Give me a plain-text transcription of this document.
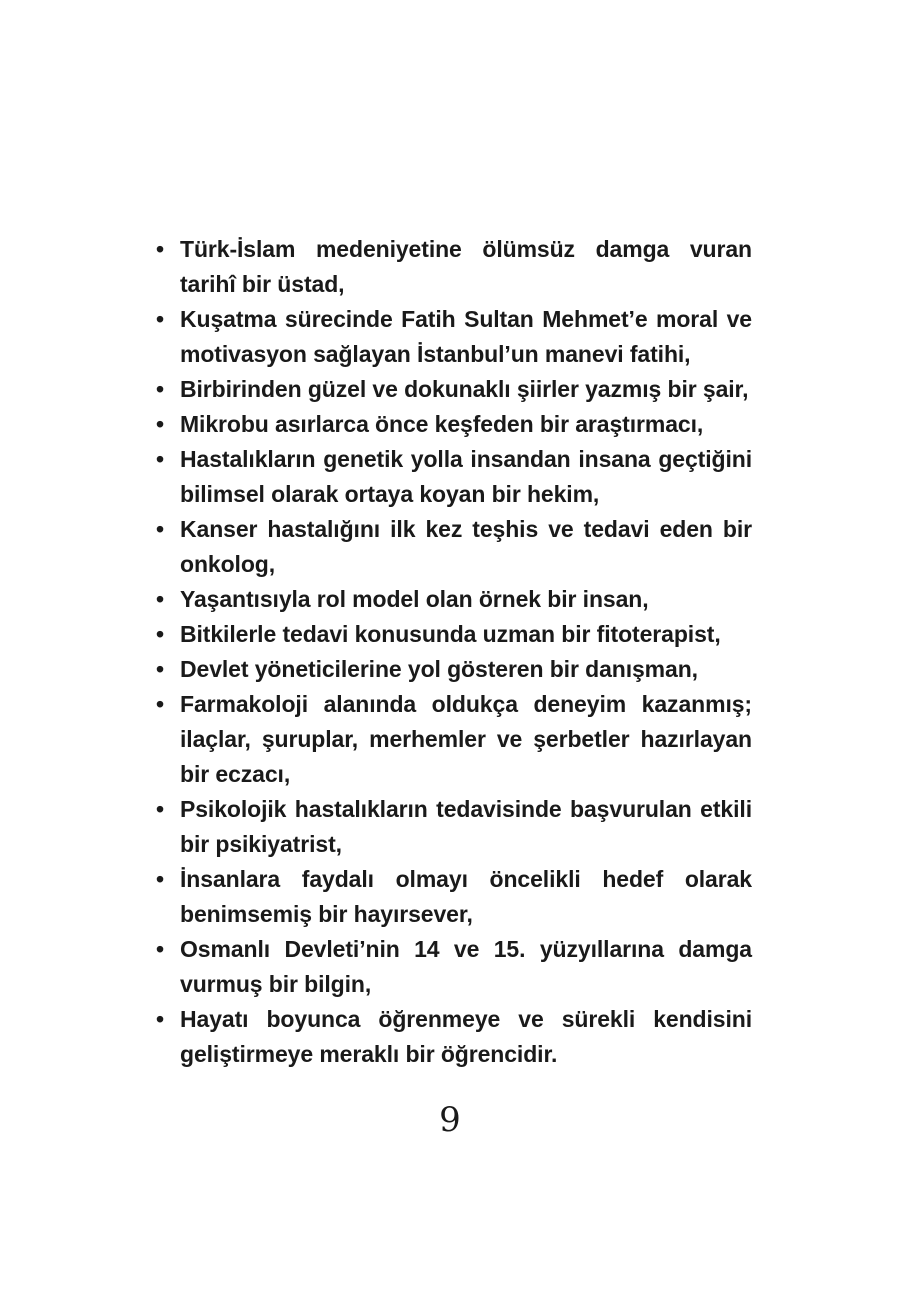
• Türk-İslam medeniyetine ölümsüz damga vuran tarihî bir üstad,
• Kuşatma sürecinde Fatih Sultan Mehmet’e moral ve motivasyon sağlayan İstanbul’un manevi fatihi,
• Birbirinden güzel ve dokunaklı şiirler yazmış bir şair,
• Mikrobu asırlarca önce keşfeden bir araştırmacı,
• Hastalıkların genetik yolla insandan insana geçtiğini bilimsel olarak ortaya koyan bir hekim,
• Kanser hastalığını ilk kez teşhis ve tedavi eden bir onkolog,
• Yaşantısıyla rol model olan örnek bir insan,
• Bitkilerle tedavi konusunda uzman bir fitoterapist,
• Devlet yöneticilerine yol gösteren bir danışman,
• Farmakoloji alanında oldukça deneyim kazanmış; ilaçlar, şuruplar, merhemler ve şerbetler hazırlayan bir eczacı,
• Psikolojik hastalıkların tedavisinde başvurulan etkili bir psikiyatrist,
• İnsanlara faydalı olmayı öncelikli hedef olarak benimsemiş bir hayırsever,
• Osmanlı Devleti’nin 14 ve 15. yüzyıllarına damga vurmuş bir bilgin,
• Hayatı boyunca öğrenmeye ve sürekli kendisini geliştirmeye meraklı bir öğrencidir.
9
